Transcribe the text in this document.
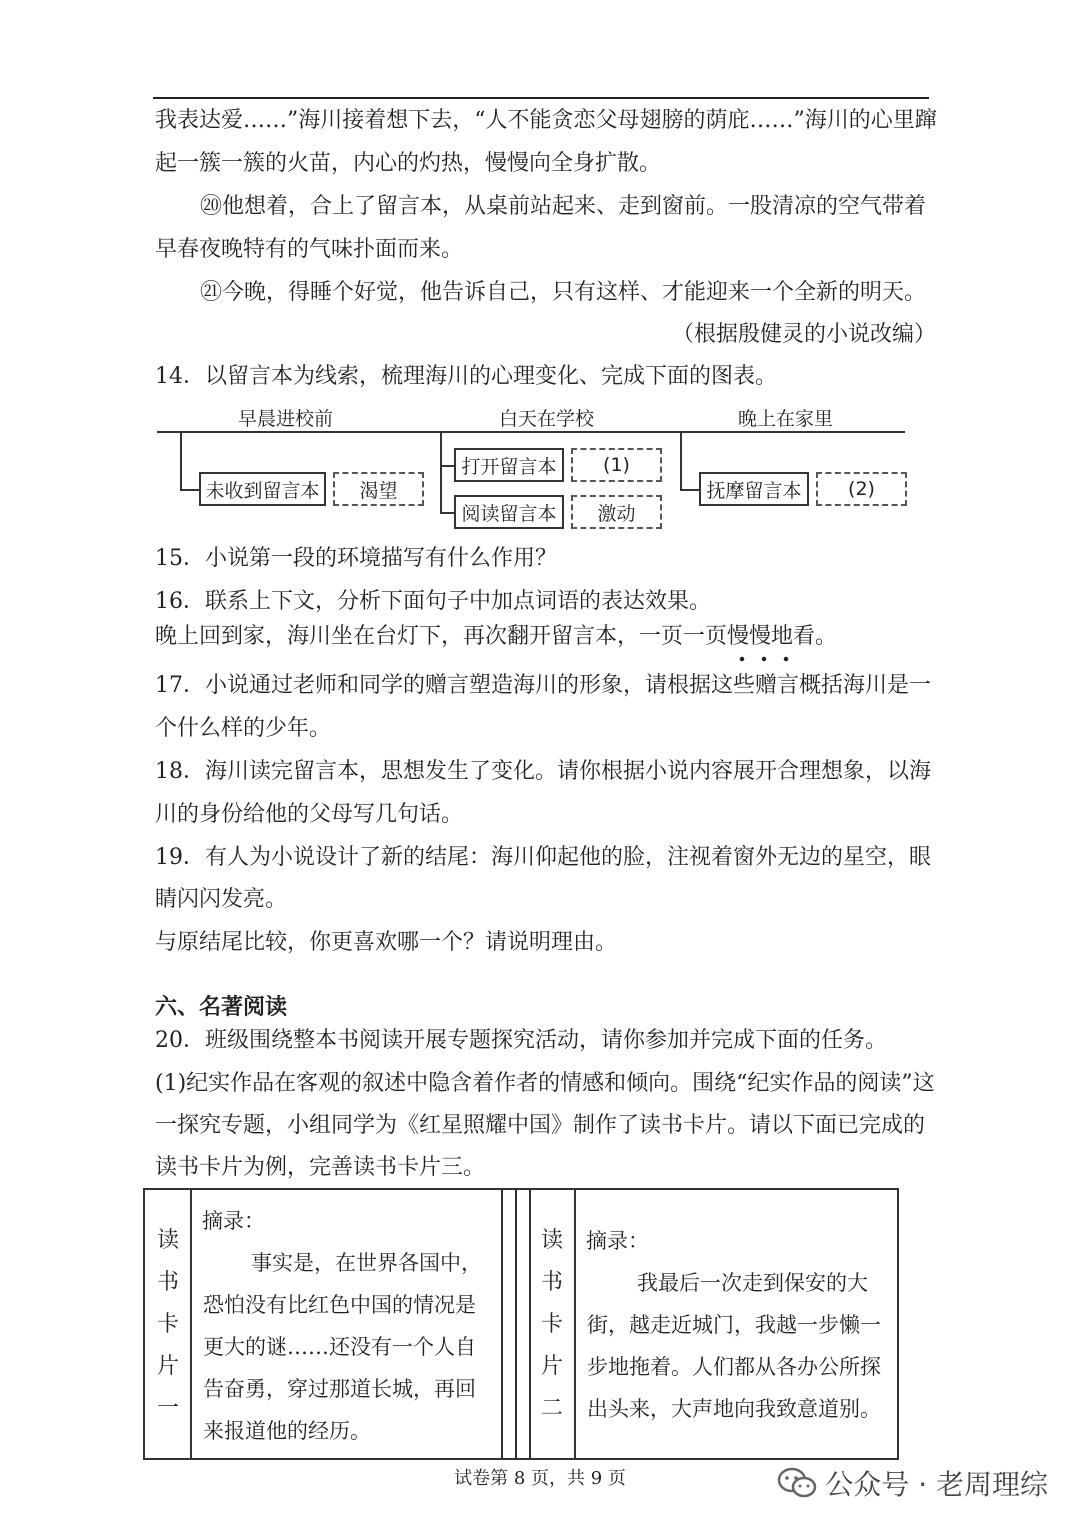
我表达爱……”海川接着想下去，“人不能贪恋父母翅膀的荫庇……”海川的心里蹿
起一簇一簇的火苗，内心的灼热，慢慢向全身扩散。
⑳他想着，合上了留言本，从桌前站起来、走到窗前。一股清凉的空气带着
早春夜晚特有的气味扑面而来。
㉑今晚，得睡个好觉，他告诉自己，只有这样、才能迎来一个全新的明天。
（根据殷健灵的小说改编）
14．以留言本为线索，梳理海川的心理变化、完成下面的图表。
早晨进校前	白天在学校	晚上在家里
未收到留言本	渴望
打开留言本	(1)
阅读留言本	激动
抚摩留言本	(2)
15．小说第一段的环境描写有什么作用？
16．联系上下文，分析下面句子中加点词语的表达效果。
晚上回到家，海川坐在台灯下，再次翻开留言本，一页一页慢慢地看。
17．小说通过老师和同学的赠言塑造海川的形象，请根据这些赠言概括海川是一
个什么样的少年。
18．海川读完留言本，思想发生了变化。请你根据小说内容展开合理想象，以海
川的身份给他的父母写几句话。
19．有人为小说设计了新的结尾：海川仰起他的脸，注视着窗外无边的星空，眼
睛闪闪发亮。
与原结尾比较，你更喜欢哪一个？请说明理由。
六、名著阅读
20．班级围绕整本书阅读开展专题探究活动，请你参加并完成下面的任务。
(1)纪实作品在客观的叙述中隐含着作者的情感和倾向。围绕“纪实作品的阅读”这
一探究专题，小组同学为《红星照耀中国》制作了读书卡片。请以下面已完成的
读书卡片为例，完善读书卡片三。
读
书
卡
片
一
摘录：
事实是，在世界各国中，
恐怕没有比红色中国的情况是
更大的谜……还没有一个人自
告奋勇，穿过那道长城，再回
来报道他的经历。
读
书
卡
片
二
摘录：
我最后一次走到保安的大
街，越走近城门，我越一步懒一
步地拖着。人们都从各办公所探
出头来，大声地向我致意道别。
试卷第 8 页，共 9 页	公众号 · 老周理综
